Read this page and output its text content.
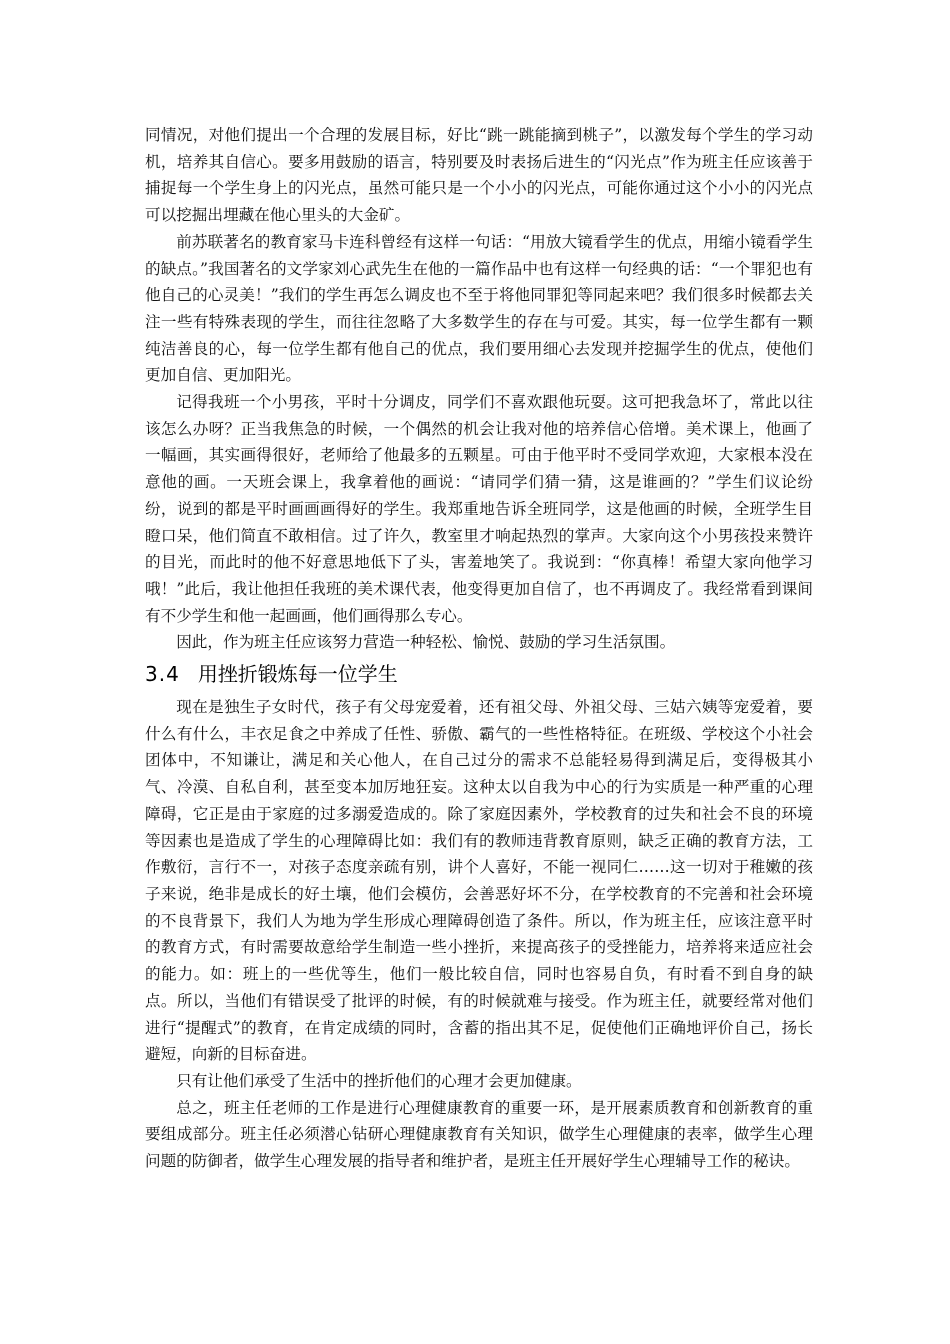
同情况，对他们提出一个合理的发展目标，好比“跳一跳能摘到桃子”，以激发每个学生的学习动机，培养其自信心。要多用鼓励的语言，特别要及时表扬后进生的“闪光点”作为班主任应该善于捕捉每一个学生身上的闪光点，虽然可能只是一个小小的闪光点，可能你通过这个小小的闪光点可以挖掘出埋藏在他心里头的大金矿。

前苏联著名的教育家马卡连科曾经有这样一句话：“用放大镜看学生的优点，用缩小镜看学生的缺点。”我国著名的文学家刘心武先生在他的一篇作品中也有这样一句经典的话：“一个罪犯也有他自己的心灵美！”我们的学生再怎么调皮也不至于将他同罪犯等同起来吧？我们很多时候都去关注一些有特殊表现的学生，而往往忽略了大多数学生的存在与可爱。其实，每一位学生都有一颗纯洁善良的心，每一位学生都有他自己的优点，我们要用细心去发现并挖掘学生的优点，使他们更加自信、更加阳光。

记得我班一个小男孩，平时十分调皮，同学们不喜欢跟他玩耍。这可把我急坏了，常此以往该怎么办呀？正当我焦急的时候，一个偶然的机会让我对他的培养信心倍增。美术课上，他画了一幅画，其实画得很好，老师给了他最多的五颗星。可由于他平时不受同学欢迎，大家根本没在意他的画。一天班会课上，我拿着他的画说：“请同学们猜一猜，这是谁画的？”学生们议论纷纷，说到的都是平时画画画得好的学生。我郑重地告诉全班同学，这是他画的时候，全班学生目瞪口呆，他们简直不敢相信。过了许久，教室里才响起热烈的掌声。大家向这个小男孩投来赞许的目光，而此时的他不好意思地低下了头，害羞地笑了。我说到：“你真棒！希望大家向他学习哦！”此后，我让他担任我班的美术课代表，他变得更加自信了，也不再调皮了。我经常看到课间有不少学生和他一起画画，他们画得那么专心。

因此，作为班主任应该努力营造一种轻松、愉悦、鼓励的学习生活氛围。

3.4 用挫折锻炼每一位学生

现在是独生子女时代，孩子有父母宠爱着，还有祖父母、外祖父母、三姑六姨等宠爱着，要什么有什么，丰衣足食之中养成了任性、骄傲、霸气的一些性格特征。在班级、学校这个小社会团体中，不知谦让，满足和关心他人，在自己过分的需求不总能轻易得到满足后，变得极其小气、冷漠、自私自利，甚至变本加厉地狂妄。这种太以自我为中心的行为实质是一种严重的心理障碍，它正是由于家庭的过多溺爱造成的。除了家庭因素外，学校教育的过失和社会不良的环境等因素也是造成了学生的心理障碍比如：我们有的教师违背教育原则，缺乏正确的教育方法，工作敷衍，言行不一，对孩子态度亲疏有别，讲个人喜好，不能一视同仁……这一切对于稚嫩的孩子来说，绝非是成长的好土壤，他们会模仿，会善恶好坏不分，在学校教育的不完善和社会环境的不良背景下，我们人为地为学生形成心理障碍创造了条件。所以，作为班主任，应该注意平时的教育方式，有时需要故意给学生制造一些小挫折，来提高孩子的受挫能力，培养将来适应社会的能力。如：班上的一些优等生，他们一般比较自信，同时也容易自负，有时看不到自身的缺点。所以，当他们有错误受了批评的时候，有的时候就难与接受。作为班主任，就要经常对他们进行“提醒式”的教育，在肯定成绩的同时，含蓄的指出其不足，促使他们正确地评价自己，扬长避短，向新的目标奋进。

只有让他们承受了生活中的挫折他们的心理才会更加健康。

总之，班主任老师的工作是进行心理健康教育的重要一环，是开展素质教育和创新教育的重要组成部分。班主任必须潜心钻研心理健康教育有关知识，做学生心理健康的表率，做学生心理问题的防御者，做学生心理发展的指导者和维护者，是班主任开展好学生心理辅导工作的秘诀。
